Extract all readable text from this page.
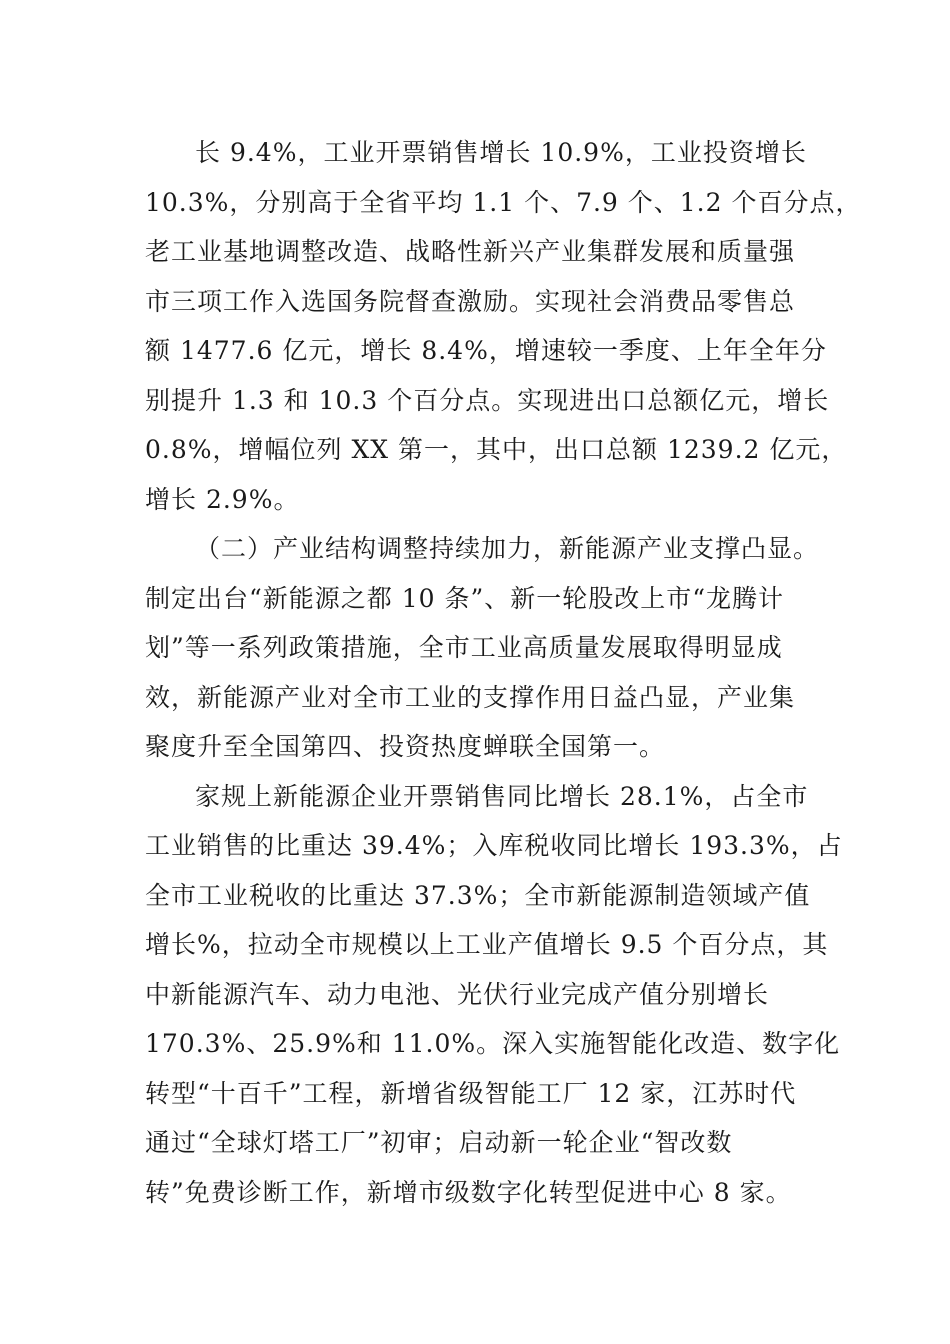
长 9.4%，工业开票销售增长 10.9%，工业投资增长
10.3%，分别高于全省平均 1.1 个、7.9 个、1.2 个百分点，
老工业基地调整改造、战略性新兴产业集群发展和质量强
市三项工作入选国务院督查激励。实现社会消费品零售总
额 1477.6 亿元，增长 8.4%，增速较一季度、上年全年分
别提升 1.3 和 10.3 个百分点。实现进出口总额亿元，增长
0.8%，增幅位列 XX 第一，其中，出口总额 1239.2 亿元，
增长 2.9%。
（二）产业结构调整持续加力，新能源产业支撑凸显。
制定出台“新能源之都 10 条”、新一轮股改上市“龙腾计
划”等一系列政策措施，全市工业高质量发展取得明显成
效，新能源产业对全市工业的支撑作用日益凸显，产业集
聚度升至全国第四、投资热度蝉联全国第一。
家规上新能源企业开票销售同比增长 28.1%，占全市
工业销售的比重达 39.4%；入库税收同比增长 193.3%，占
全市工业税收的比重达 37.3%；全市新能源制造领域产值
增长%，拉动全市规模以上工业产值增长 9.5 个百分点，其
中新能源汽车、动力电池、光伏行业完成产值分别增长
170.3%、25.9%和 11.0%。深入实施智能化改造、数字化
转型“十百千”工程，新增省级智能工厂 12 家，江苏时代
通过“全球灯塔工厂”初审；启动新一轮企业“智改数
转”免费诊断工作，新增市级数字化转型促进中心 8 家。
